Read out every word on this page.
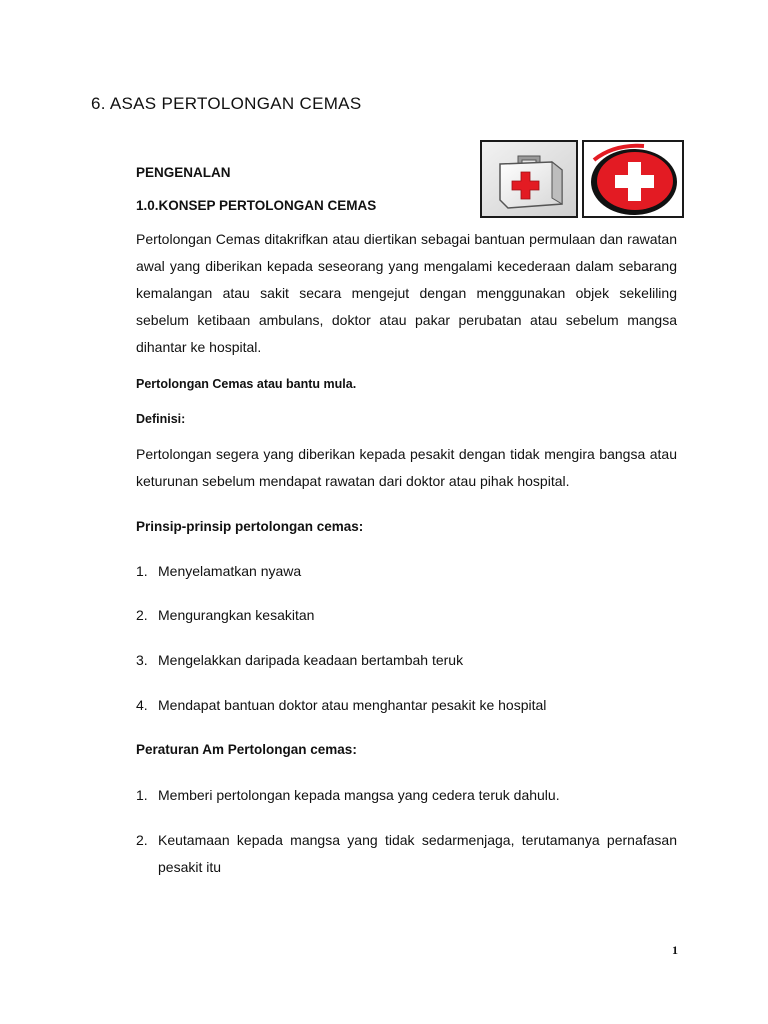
6. ASAS PERTOLONGAN CEMAS
PENGENALAN
1.0.KONSEP PERTOLONGAN CEMAS
Pertolongan Cemas ditakrifkan atau diertikan sebagai bantuan permulaan dan rawatan awal yang diberikan kepada seseorang yang mengalami kecederaan dalam sebarang kemalangan atau sakit secara mengejut dengan menggunakan objek sekeliling sebelum ketibaan ambulans, doktor atau pakar perubatan atau sebelum mangsa dihantar ke hospital.
Pertolongan Cemas atau bantu mula.
Definisi:
Pertolongan segera yang diberikan kepada pesakit dengan tidak mengira bangsa atau keturunan sebelum mendapat rawatan dari doktor atau pihak hospital.
Prinsip-prinsip pertolongan cemas:
1. Menyelamatkan nyawa
2. Mengurangkan kesakitan
3. Mengelakkan daripada keadaan bertambah teruk
4. Mendapat bantuan doktor atau menghantar pesakit ke hospital
Peraturan Am Pertolongan cemas:
1. Memberi pertolongan kepada mangsa yang cedera teruk dahulu.
2. Keutamaan kepada mangsa yang tidak sedarmenjaga, terutamanya pernafasan pesakit itu
1
